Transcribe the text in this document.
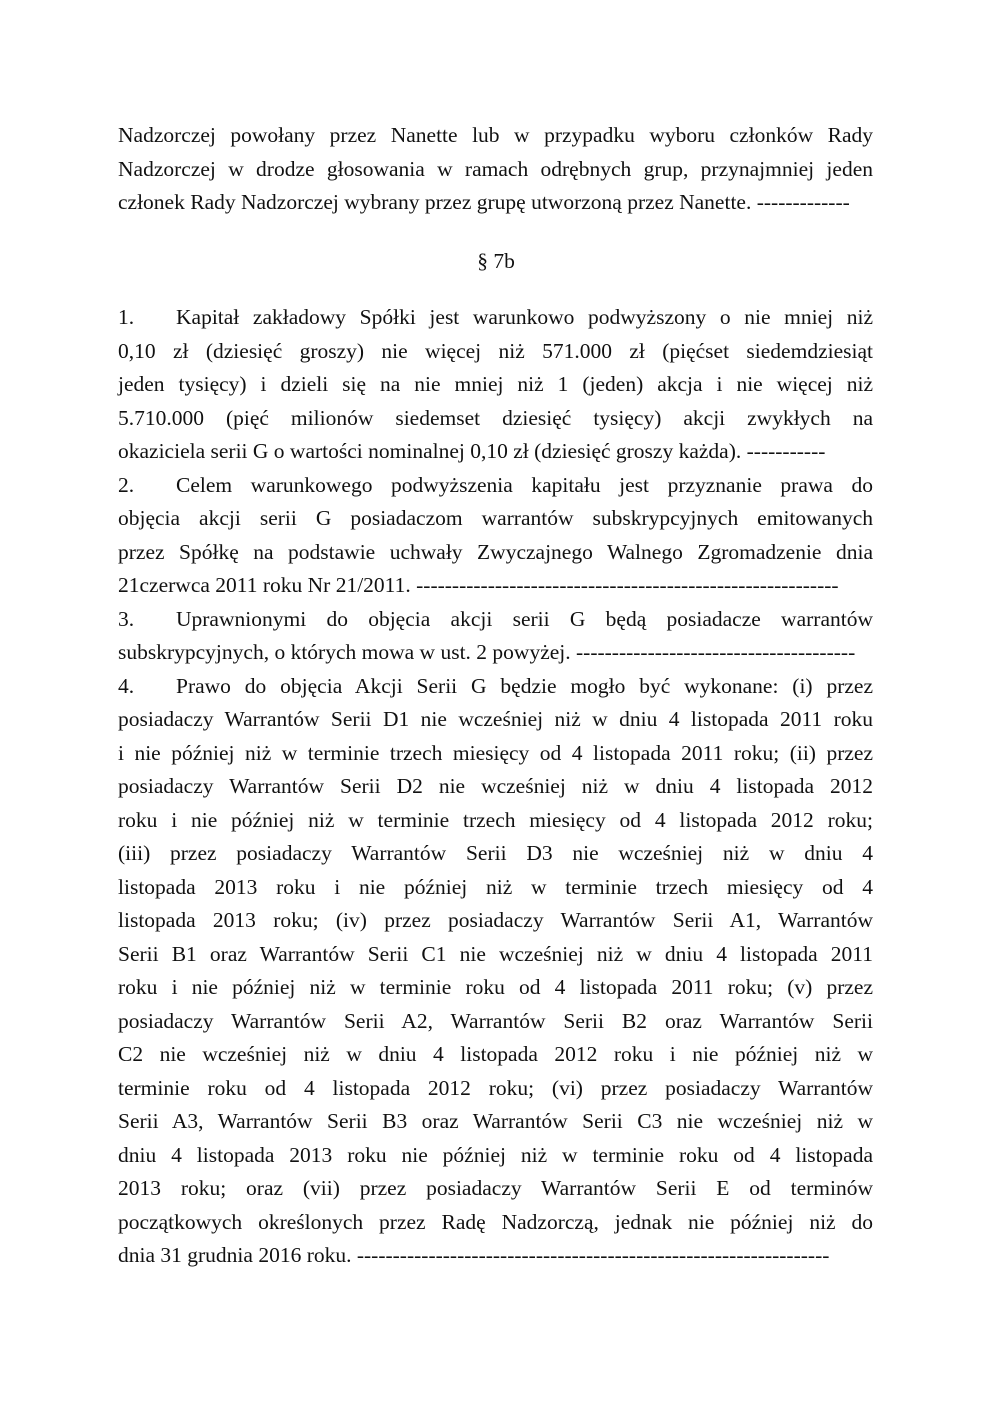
Nadzorczej powołany przez Nanette lub w przypadku wyboru członków Rady
Nadzorczej w drodze głosowania w ramach odrębnych grup, przynajmniej jeden
członek Rady Nadzorczej wybrany przez grupę utworzoną przez Nanette. -------------
§ 7b
1. Kapitał zakładowy Spółki jest warunkowo podwyższony o nie mniej niż
0,10 zł (dziesięć groszy) nie więcej niż 571.000 zł (pięćset siedemdziesiąt
jeden tysięcy) i dzieli się na nie mniej niż 1 (jeden) akcja i nie więcej niż
5.710.000 (pięć milionów siedemset dziesięć tysięcy) akcji zwykłych na
okaziciela serii G o wartości nominalnej 0,10 zł (dziesięć groszy każda). -----------
2. Celem warunkowego podwyższenia kapitału jest przyznanie prawa do
objęcia akcji serii G posiadaczom warrantów subskrypcyjnych emitowanych
przez Spółkę na podstawie uchwały Zwyczajnego Walnego Zgromadzenie dnia
21czerwca 2011 roku Nr 21/2011. -----------------------------------------------------------
3. Uprawnionymi do objęcia akcji serii G będą posiadacze warrantów
subskrypcyjnych, o których mowa w ust. 2 powyżej. ---------------------------------------
4. Prawo do objęcia Akcji Serii G będzie mogło być wykonane: (i) przez
posiadaczy Warrantów Serii D1 nie wcześniej niż w dniu 4 listopada 2011 roku
i nie później niż w terminie trzech miesięcy od 4 listopada 2011 roku; (ii) przez
posiadaczy Warrantów Serii D2 nie wcześniej niż w dniu 4 listopada 2012
roku i nie później niż w terminie trzech miesięcy od 4 listopada 2012 roku;
(iii) przez posiadaczy Warrantów Serii D3 nie wcześniej niż w dniu 4
listopada 2013 roku i nie później niż w terminie trzech miesięcy od 4
listopada 2013 roku; (iv) przez posiadaczy Warrantów Serii A1, Warrantów
Serii B1 oraz Warrantów Serii C1 nie wcześniej niż w dniu 4 listopada 2011
roku i nie później niż w terminie roku od 4 listopada 2011 roku; (v) przez
posiadaczy Warrantów Serii A2, Warrantów Serii B2 oraz Warrantów Serii
C2 nie wcześniej niż w dniu 4 listopada 2012 roku i nie później niż w
terminie roku od 4 listopada 2012 roku; (vi) przez posiadaczy Warrantów
Serii A3, Warrantów Serii B3 oraz Warrantów Serii C3 nie wcześniej niż w
dniu 4 listopada 2013 roku nie później niż w terminie roku od 4 listopada
2013 roku; oraz (vii) przez posiadaczy Warrantów Serii E od terminów
początkowych określonych przez Radę Nadzorczą, jednak nie później niż do
dnia 31 grudnia 2016 roku. ------------------------------------------------------------------
